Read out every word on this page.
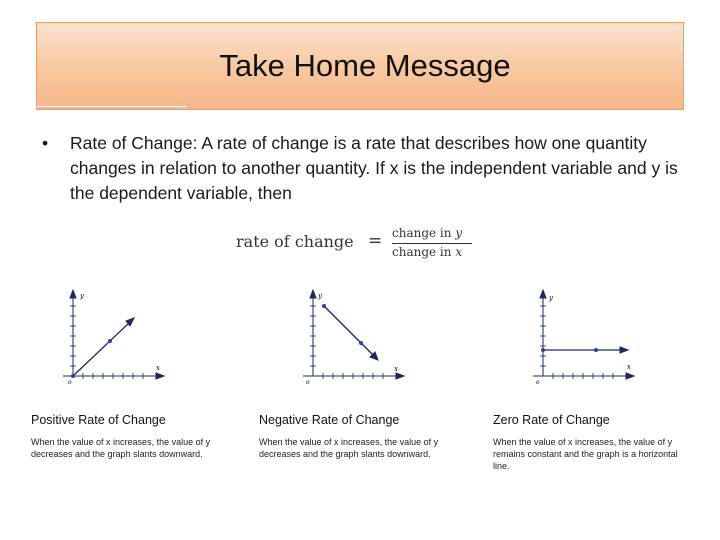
Take Home Message
• Rate of Change: A rate of change is a rate that describes how one quantity changes in relation to another quantity. If x is the independent variable and y is the dependent variable, then
rate of change = change in y
change in x
y
x
o
y
x
o
y
x
o
Positive Rate of Change
When the value of x increases, the value of y decreases and the graph slants downward.
Negative Rate of Change
When the value of x increases, the value of y decreases and the graph slants downward.
Zero Rate of Change
When the value of x increases, the value of y remains constant and the graph is a horizontal line.
